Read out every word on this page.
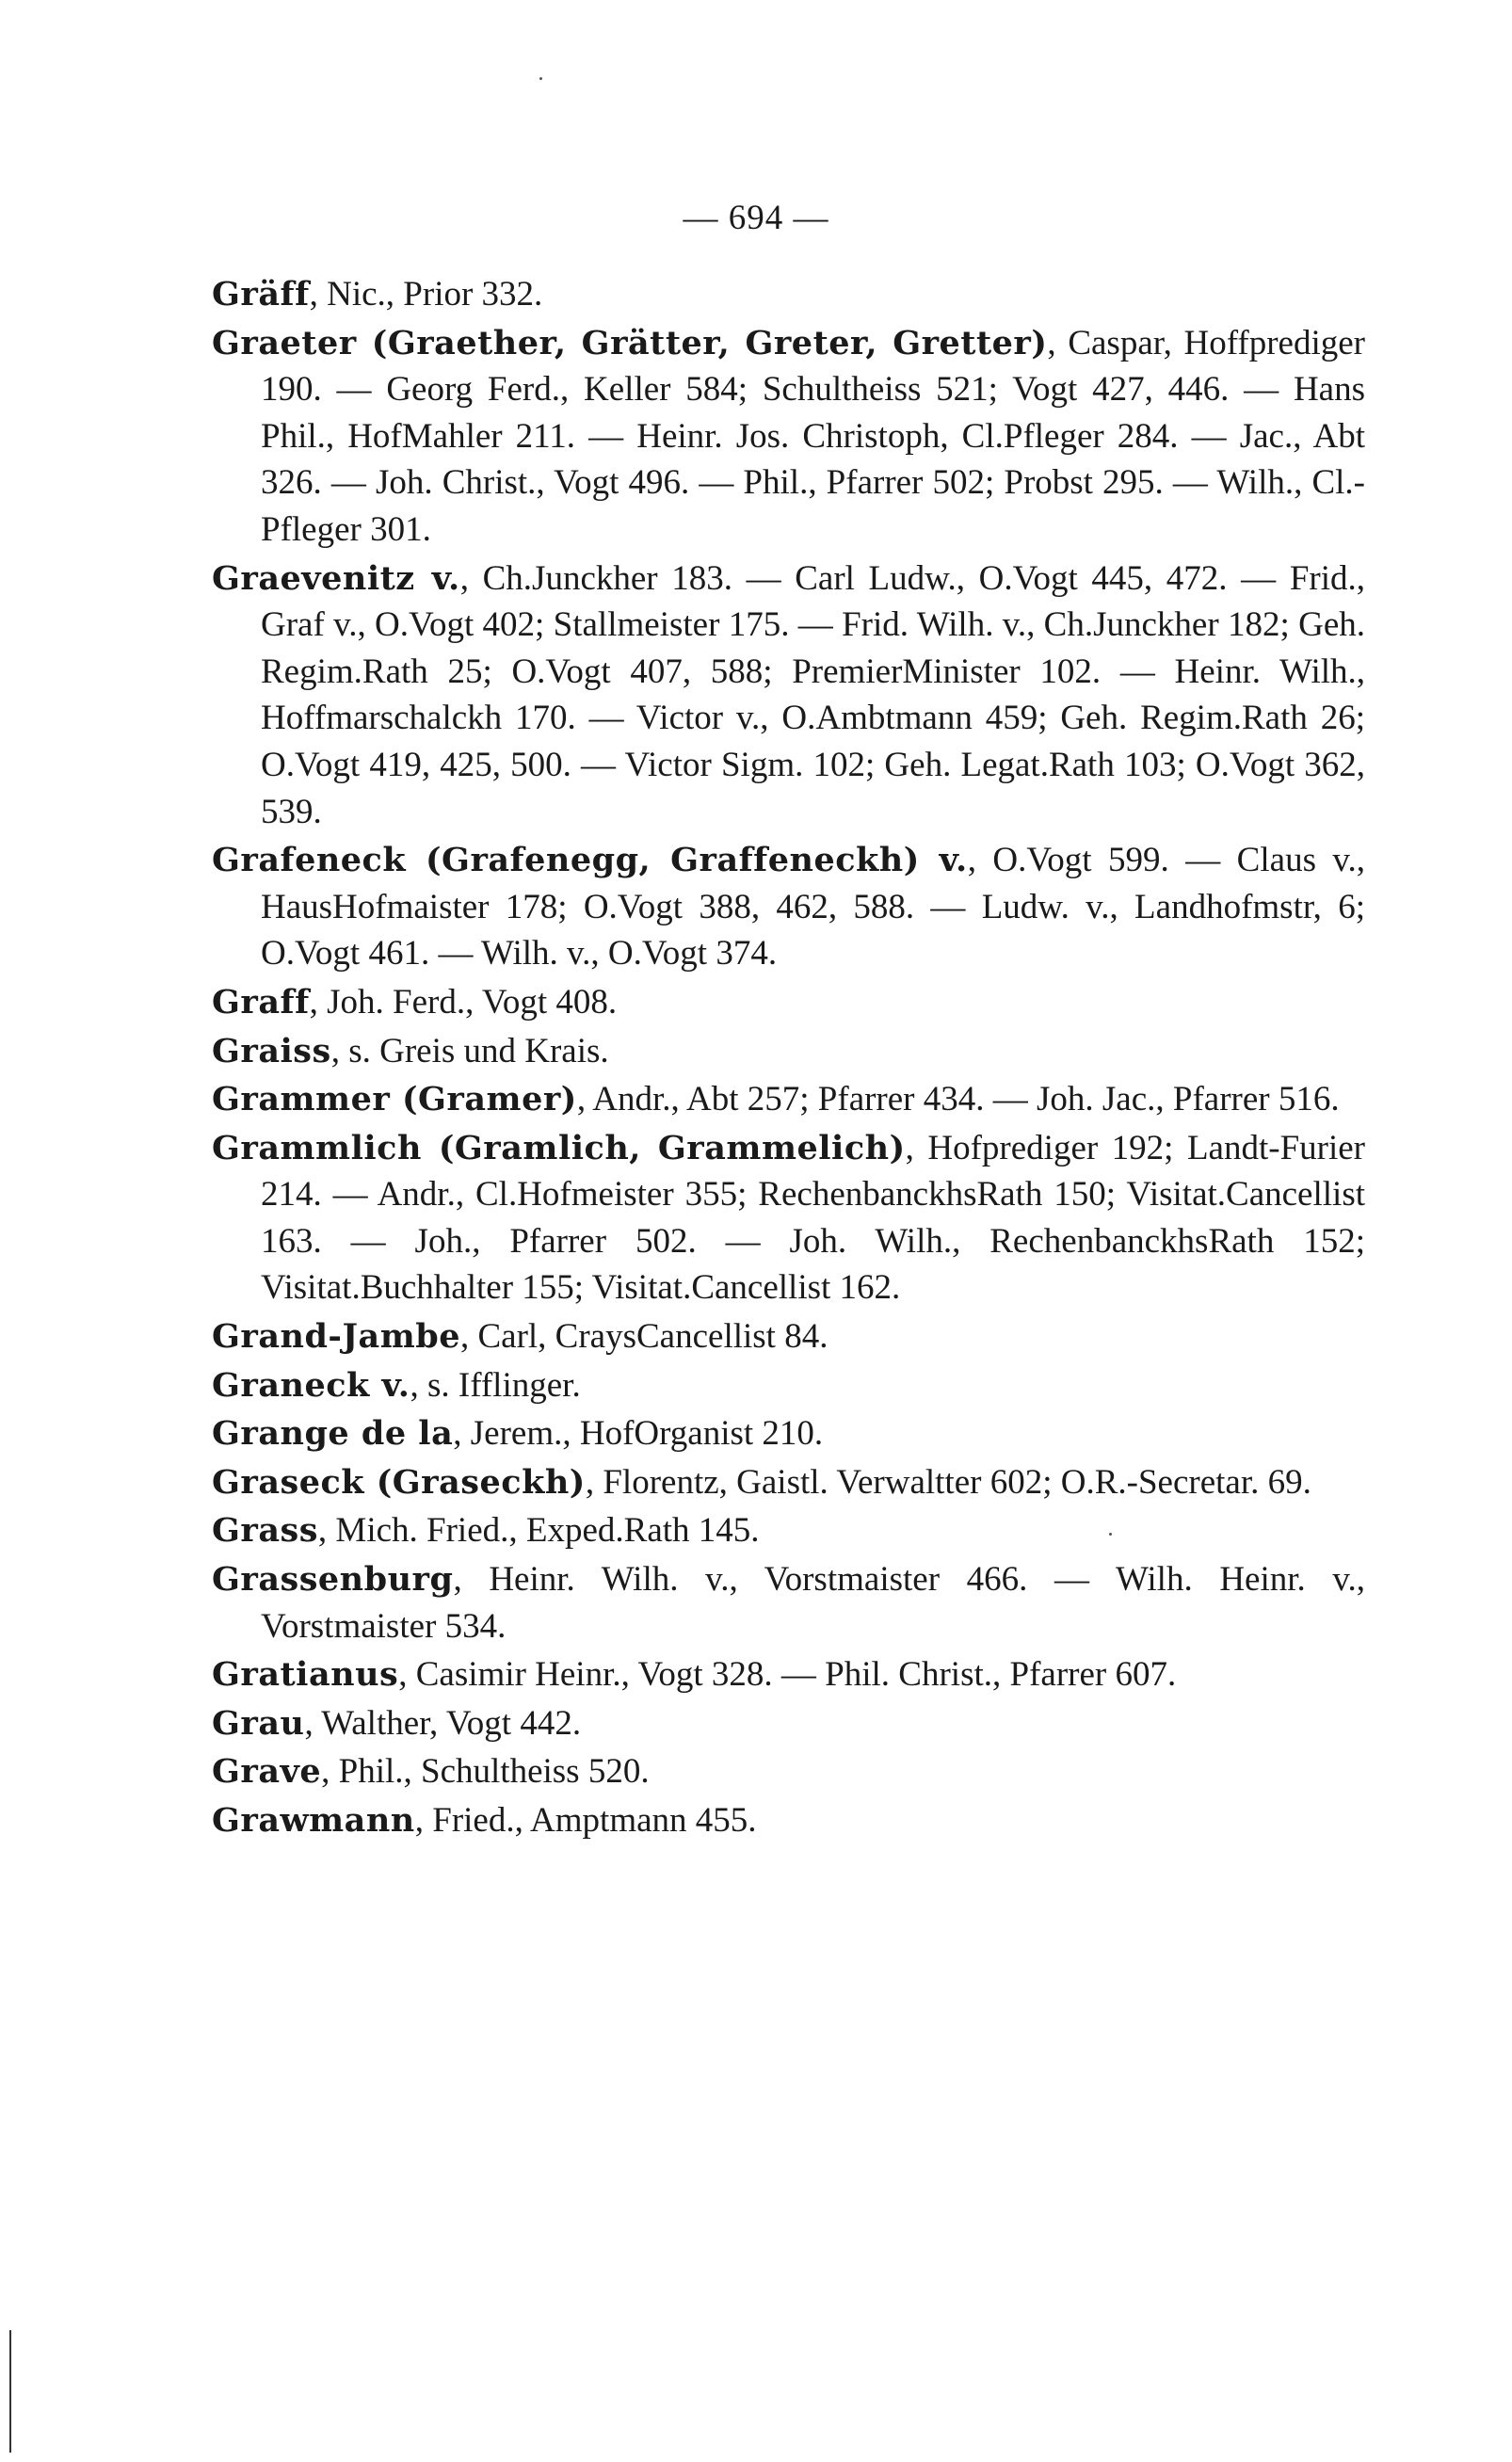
— 694 —

Gräff, Nic., Prior 332.

Graeter (Graether, Grätter, Greter, Gretter), Caspar, Hoffprediger 190. — Georg Ferd., Keller 584; Schultheiss 521; Vogt 427, 446. — Hans Phil., HofMahler 211. — Heinr. Jos. Christoph, Cl.Pfleger 284. — Jac., Abt 326. — Joh. Christ., Vogt 496. — Phil., Pfarrer 502; Probst 295. — Wilh., Cl.-Pfleger 301.

Graevenitz v., Ch.Junckher 183. — Carl Ludw., O.Vogt 445, 472. — Frid., Graf v., O.Vogt 402; Stallmeister 175. — Frid. Wilh. v., Ch.Junckher 182; Geh. Regim.Rath 25; O.Vogt 407, 588; PremierMinister 102. — Heinr. Wilh., Hoffmarschalckh 170. — Victor v., O.Ambtmann 459; Geh. Regim.Rath 26; O.Vogt 419, 425, 500. — Victor Sigm. 102; Geh. Legat.Rath 103; O.Vogt 362, 539.

Grafeneck (Grafenegg, Graffeneckh) v., O.Vogt 599. — Claus v., HausHofmaister 178; O.Vogt 388, 462, 588. — Ludw. v., Landhofmstr, 6; O.Vogt 461. — Wilh. v., O.Vogt 374.

Graff, Joh. Ferd., Vogt 408.

Graiss, s. Greis und Krais.

Grammer (Gramer), Andr., Abt 257; Pfarrer 434. — Joh. Jac., Pfarrer 516.

Grammlich (Gramlich, Grammelich), Hofprediger 192; Landt-Furier 214. — Andr., Cl.Hofmeister 355; RechenbanckhsRath 150; Visitat.Cancellist 163. — Joh., Pfarrer 502. — Joh. Wilh., RechenbanckhsRath 152; Visitat.Buchhalter 155; Visitat.Cancellist 162.

Grand-Jambe, Carl, CraysCancellist 84.

Graneck v., s. Ifflinger.

Grange de la, Jerem., HofOrganist 210.

Graseck (Graseckh), Florentz, Gaistl. Verwaltter 602; O.R.-Secretar. 69.

Grass, Mich. Fried., Exped.Rath 145.

Grassenburg, Heinr. Wilh. v., Vorstmaister 466. — Wilh. Heinr. v., Vorstmaister 534.

Gratianus, Casimir Heinr., Vogt 328. — Phil. Christ., Pfarrer 607.

Grau, Walther, Vogt 442.

Grave, Phil., Schultheiss 520.

Grawmann, Fried., Amptmann 455.
